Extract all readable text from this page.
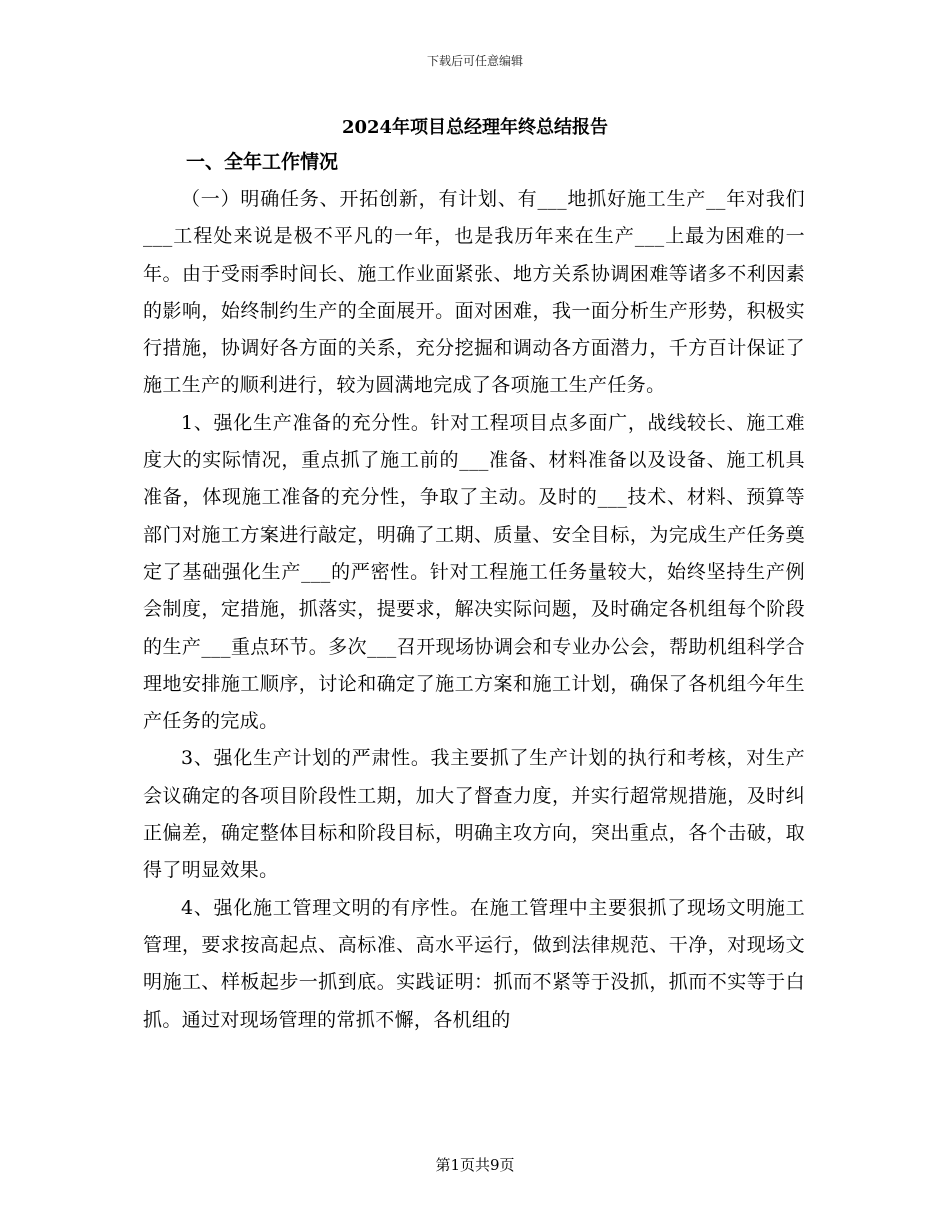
下载后可任意编辑
2024年项目总经理年终总结报告
一、全年工作情况

（一）明确任务、开拓创新，有计划、有___地抓好施工生产__年对我们___工程处来说是极不平凡的一年，也是我历年来在生产___上最为困难的一年。由于受雨季时间长、施工作业面紧张、地方关系协调困难等诸多不利因素的影响，始终制约生产的全面展开。面对困难，我一面分析生产形势，积极实行措施，协调好各方面的关系，充分挖掘和调动各方面潜力，千方百计保证了施工生产的顺利进行，较为圆满地完成了各项施工生产任务。

1、强化生产准备的充分性。针对工程项目点多面广，战线较长、施工难度大的实际情况，重点抓了施工前的___准备、材料准备以及设备、施工机具准备，体现施工准备的充分性，争取了主动。及时的___技术、材料、预算等部门对施工方案进行敲定，明确了工期、质量、安全目标，为完成生产任务奠定了基础强化生产___的严密性。针对工程施工任务量较大，始终坚持生产例会制度，定措施，抓落实，提要求，解决实际问题，及时确定各机组每个阶段的生产___重点环节。多次___召开现场协调会和专业办公会，帮助机组科学合理地安排施工顺序，讨论和确定了施工方案和施工计划，确保了各机组今年生产任务的完成。

3、强化生产计划的严肃性。我主要抓了生产计划的执行和考核，对生产会议确定的各项目阶段性工期，加大了督查力度，并实行超常规措施，及时纠正偏差，确定整体目标和阶段目标，明确主攻方向，突出重点，各个击破，取得了明显效果。

4、强化施工管理文明的有序性。在施工管理中主要狠抓了现场文明施工管理，要求按高起点、高标准、高水平运行，做到法律规范、干净，对现场文明施工、样板起步一抓到底。实践证明：抓而不紧等于没抓，抓而不实等于白抓。通过对现场管理的常抓不懈，各机组的

第1页共9页
